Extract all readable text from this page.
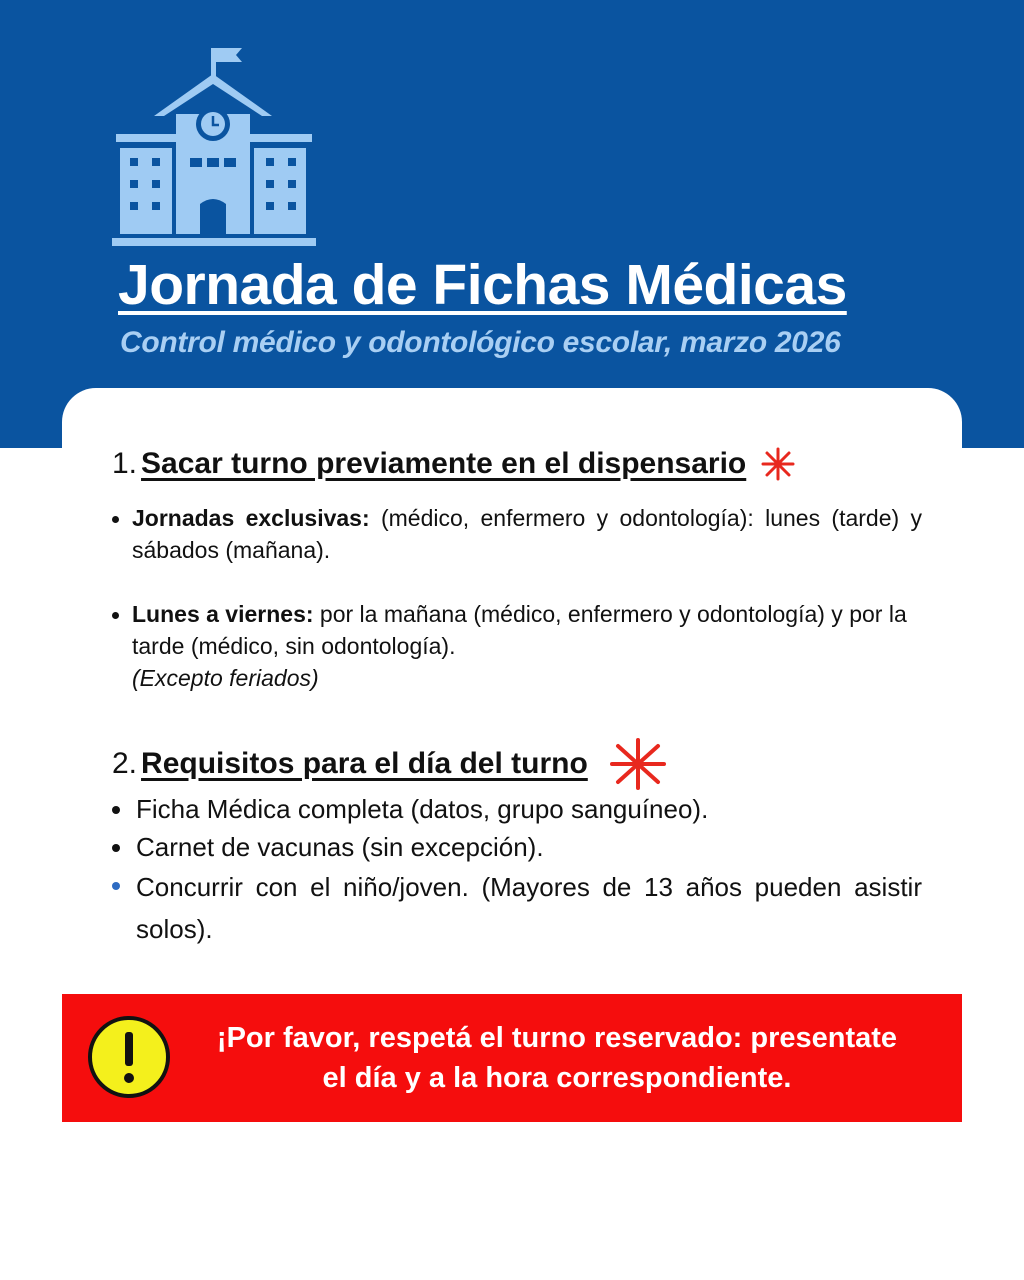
Jornada de Fichas Médicas

Control médico y odontológico escolar, marzo 2026

1. Sacar turno previamente en el dispensario
Jornadas exclusivas: (médico, enfermero y odontología): lunes (tarde) y sábados (mañana).
Lunes a viernes: por la mañana (médico, enfermero y odontología) y por la tarde (médico, sin odontología).
(Excepto feriados)
2. Requisitos para el día del turno
Ficha Médica completa (datos, grupo sanguíneo).
Carnet de vacunas (sin excepción).
Concurrir con el niño/joven. (Mayores de 13 años pueden asistir solos).

¡Por favor, respetá el turno reservado: presentate
el día y a la hora correspondiente.
